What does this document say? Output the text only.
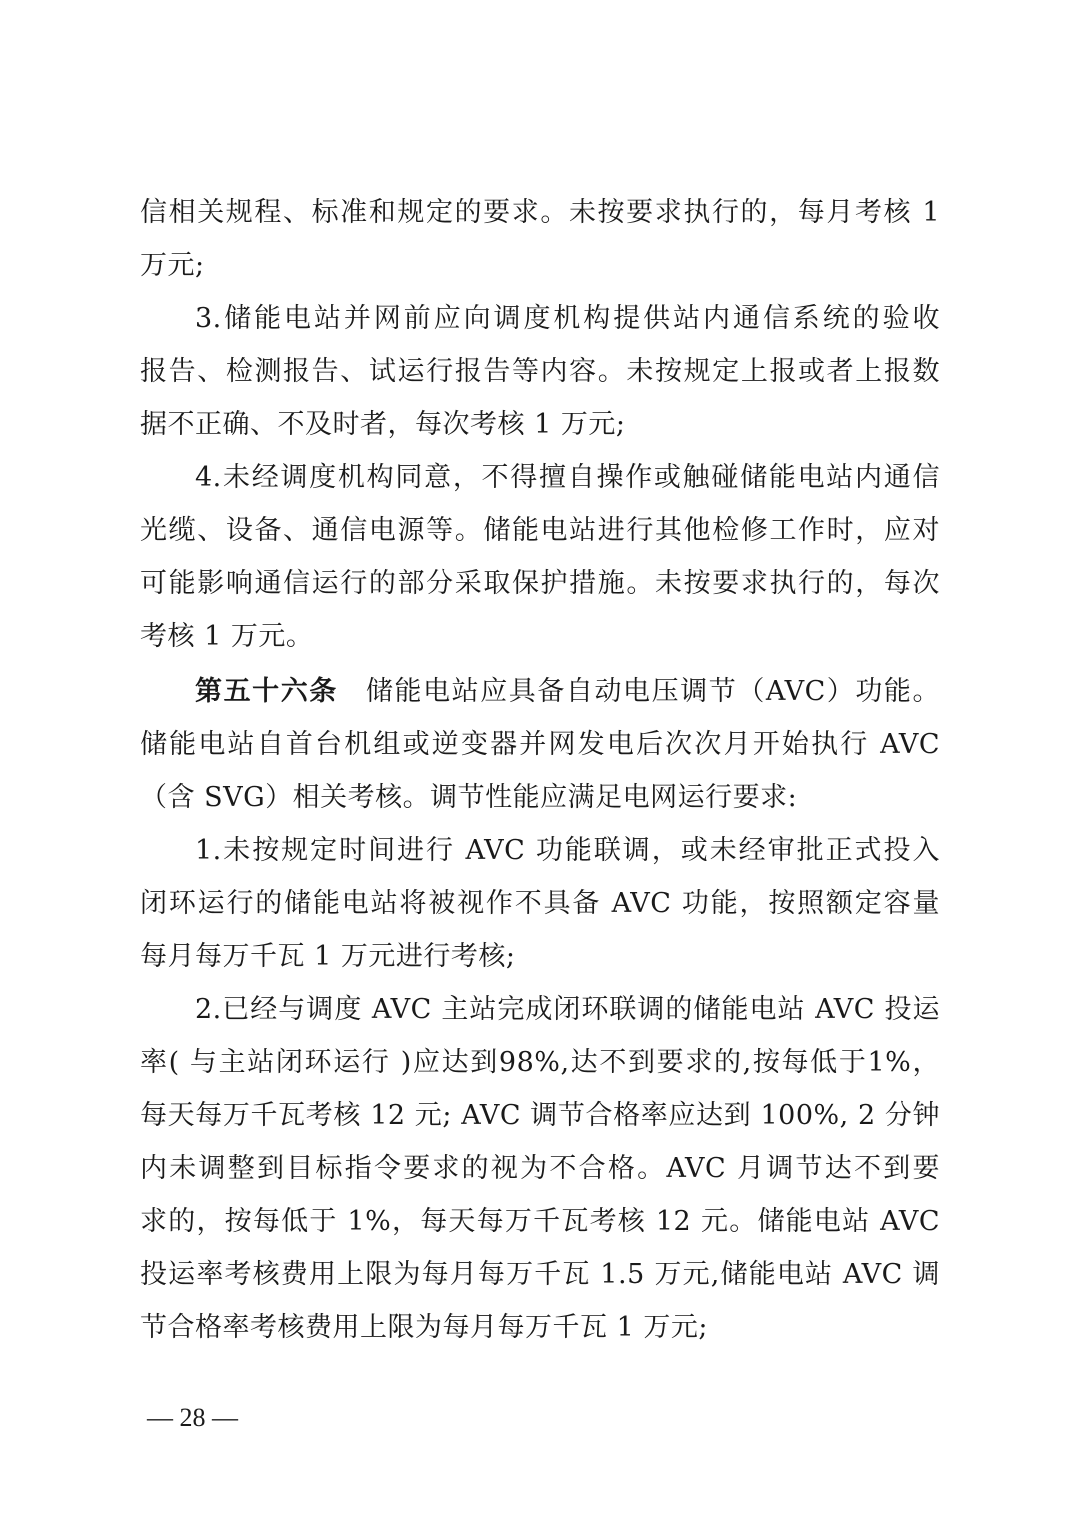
信相关规程、标准和规定的要求。未按要求执行的，每月考核 1
万元;
3.储能电站并网前应向调度机构提供站内通信系统的验收
报告、检测报告、试运行报告等内容。未按规定上报或者上报数
据不正确、不及时者，每次考核 1 万元;
4.未经调度机构同意，不得擅自操作或触碰储能电站内通信
光缆、设备、通信电源等。储能电站进行其他检修工作时，应对
可能影响通信运行的部分采取保护措施。未按要求执行的，每次
考核 1 万元。
第五十六条 储能电站应具备自动电压调节（AVC）功能。
储能电站自首台机组或逆变器并网发电后次次月开始执行 AVC
（含 SVG）相关考核。调节性能应满足电网运行要求:
1.未按规定时间进行 AVC 功能联调，或未经审批正式投入
闭环运行的储能电站将被视作不具备 AVC 功能，按照额定容量
每月每万千瓦 1 万元进行考核;
2.已经与调度 AVC 主站完成闭环联调的储能电站 AVC 投运
率( 与主站闭环运行 )应达到98%,达不到要求的,按每低于1%，
每天每万千瓦考核 12 元; AVC 调节合格率应达到 100%, 2 分钟
内未调整到目标指令要求的视为不合格。AVC 月调节达不到要
求的，按每低于 1%，每天每万千瓦考核 12 元。储能电站 AVC
投运率考核费用上限为每月每万千瓦 1.5 万元,储能电站 AVC 调
节合格率考核费用上限为每月每万千瓦 1 万元;
— 28 —
